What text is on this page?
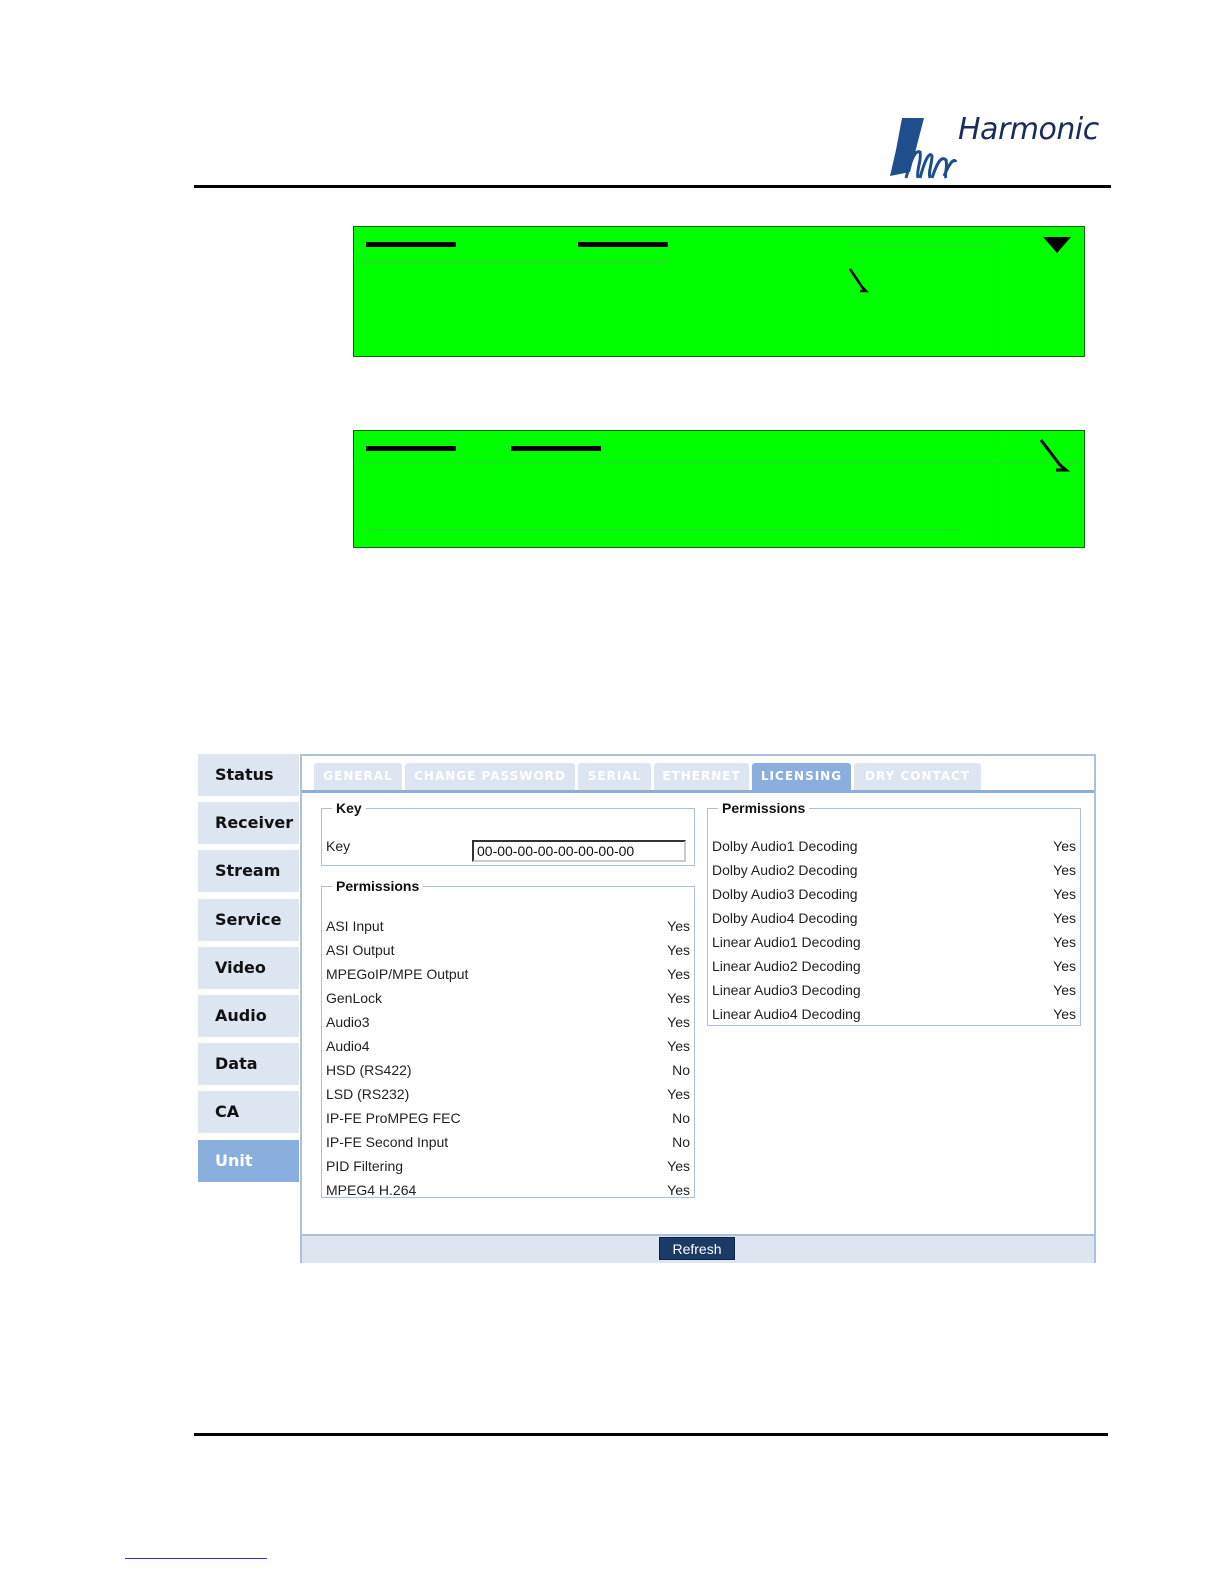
Harmonic
Status
Receiver
Stream
Service
Video
Audio
Data
CA
Unit
GENERAL	CHANGE PASSWORD	SERIAL	ETHERNET	LICENSING	DRY CONTACT
Key
Key
00-00-00-00-00-00-00-00
Permissions
ASI Input	Yes
ASI Output	Yes
MPEGoIP/MPE Output	Yes
GenLock	Yes
Audio3	Yes
Audio4	Yes
HSD (RS422)	No
LSD (RS232)	Yes
IP-FE ProMPEG FEC	No
IP-FE Second Input	No
PID Filtering	Yes
MPEG4 H.264	Yes
Permissions
Dolby Audio1 Decoding	Yes
Dolby Audio2 Decoding	Yes
Dolby Audio3 Decoding	Yes
Dolby Audio4 Decoding	Yes
Linear Audio1 Decoding	Yes
Linear Audio2 Decoding	Yes
Linear Audio3 Decoding	Yes
Linear Audio4 Decoding	Yes
Refresh
